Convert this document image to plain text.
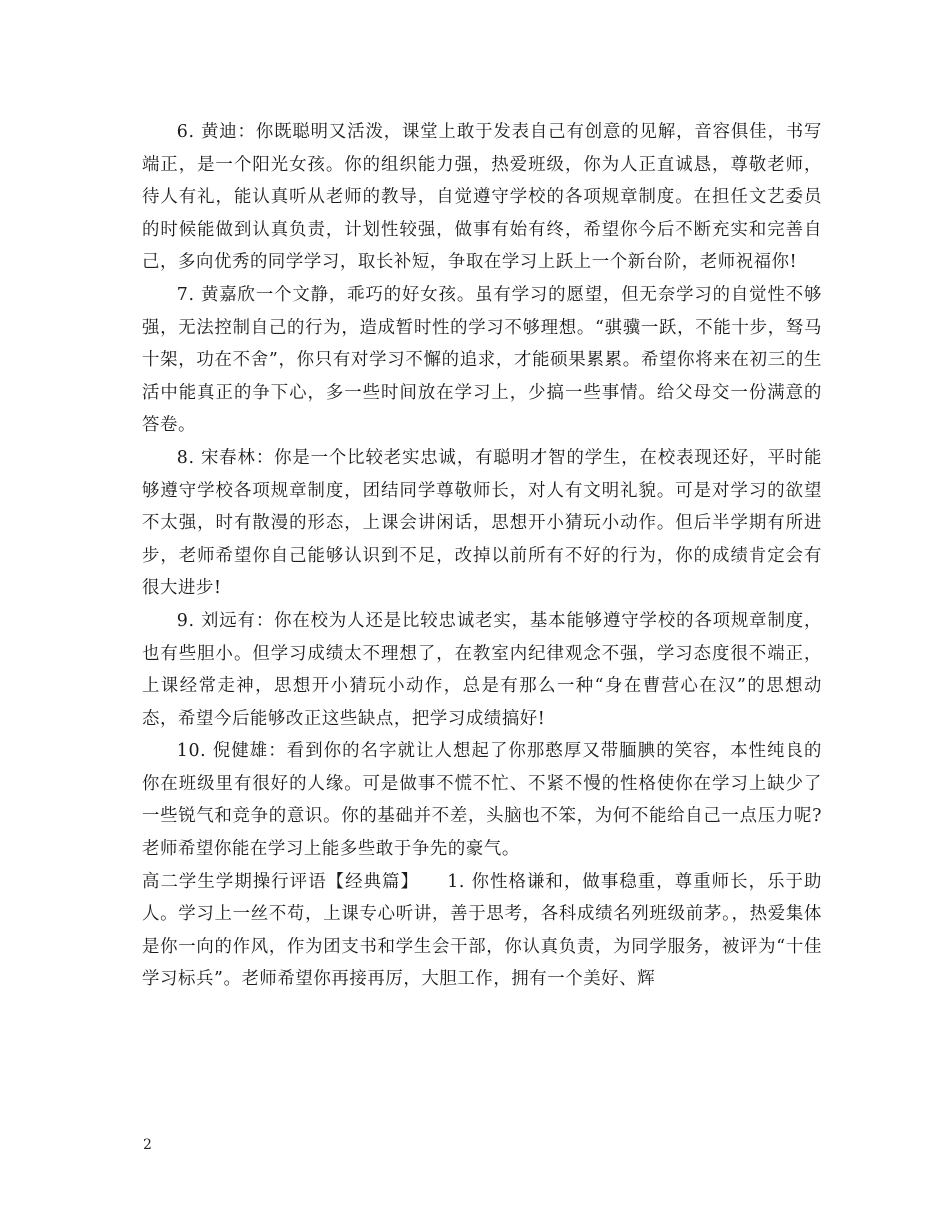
6. 黄迪：你既聪明又活泼，课堂上敢于发表自己有创意的见解，音容俱佳，书写端正，是一个阳光女孩。你的组织能力强，热爱班级，你为人正直诚恳，尊敬老师，待人有礼，能认真听从老师的教导，自觉遵守学校的各项规章制度。在担任文艺委员的时候能做到认真负责，计划性较强，做事有始有终，希望你今后不断充实和完善自己，多向优秀的同学学习，取长补短，争取在学习上跃上一个新台阶，老师祝福你!

7. 黄嘉欣一个文静，乖巧的好女孩。虽有学习的愿望，但无奈学习的自觉性不够强，无法控制自己的行为，造成暂时性的学习不够理想。“骐骥一跃，不能十步，驽马十架，功在不舍”，你只有对学习不懈的追求，才能硕果累累。希望你将来在初三的生活中能真正的争下心，多一些时间放在学习上，少搞一些事情。给父母交一份满意的答卷。

8. 宋春林：你是一个比较老实忠诚，有聪明才智的学生，在校表现还好，平时能够遵守学校各项规章制度，团结同学尊敬师长，对人有文明礼貌。可是对学习的欲望不太强，时有散漫的形态，上课会讲闲话，思想开小猜玩小动作。但后半学期有所进步，老师希望你自己能够认识到不足，改掉以前所有不好的行为，你的成绩肯定会有很大进步!

9. 刘远有：你在校为人还是比较忠诚老实，基本能够遵守学校的各项规章制度，也有些胆小。但学习成绩太不理想了，在教室内纪律观念不强，学习态度很不端正，上课经常走神，思想开小猜玩小动作，总是有那么一种“身在曹营心在汉”的思想动态，希望今后能够改正这些缺点，把学习成绩搞好!

10. 倪健雄：看到你的名字就让人想起了你那憨厚又带腼腆的笑容，本性纯良的你在班级里有很好的人缘。可是做事不慌不忙、不紧不慢的性格使你在学习上缺少了一些锐气和竞争的意识。你的基础并不差，头脑也不笨，为何不能给自己一点压力呢?老师希望你能在学习上能多些敢于争先的豪气。

高二学生学期操行评语【经典篇】　　1. 你性格谦和，做事稳重，尊重师长，乐于助人。学习上一丝不苟，上课专心听讲，善于思考，各科成绩名列班级前茅。，热爱集体是你一向的作风，作为团支书和学生会干部，你认真负责，为同学服务，被评为“十佳学习标兵”。老师希望你再接再厉，大胆工作，拥有一个美好、辉

2
